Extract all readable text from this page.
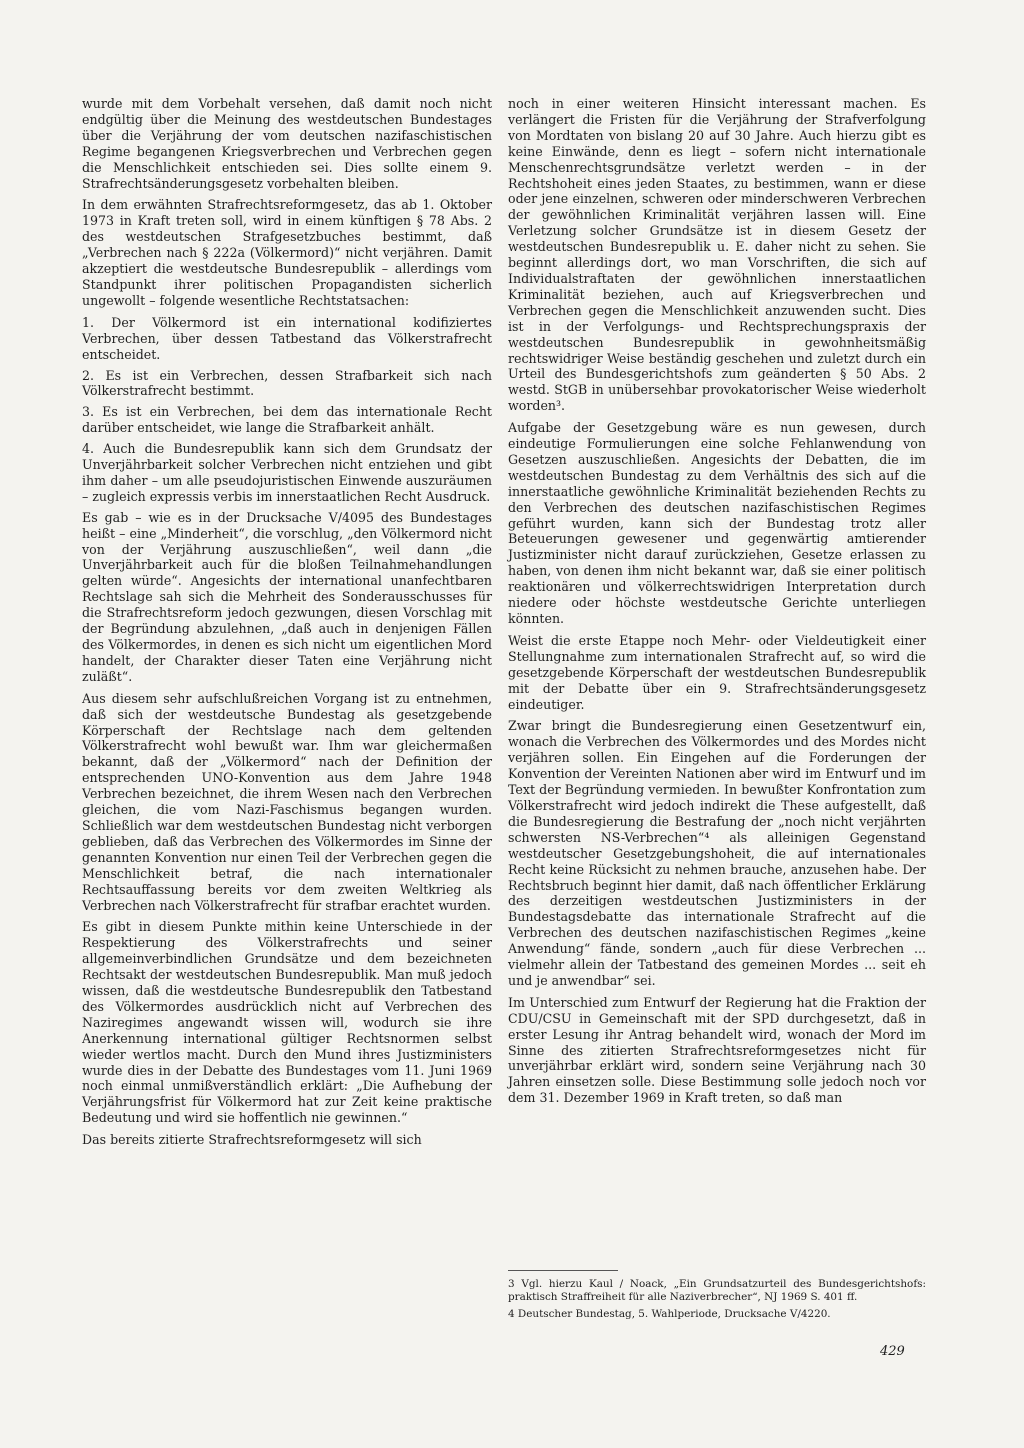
wurde mit dem Vorbehalt versehen, daß damit noch nicht endgültig über die Meinung des westdeutschen Bundestages über die Verjährung der vom deutschen nazifaschistischen Regime begangenen Kriegsverbrechen und Verbrechen gegen die Menschlichkeit entschieden sei. Dies sollte einem 9. Strafrechtsänderungsgesetz vorbehalten bleiben.

In dem erwähnten Strafrechtsreformgesetz, das ab 1. Oktober 1973 in Kraft treten soll, wird in einem künftigen § 78 Abs. 2 des westdeutschen Strafgesetzbuches bestimmt, daß „Verbrechen nach § 222a (Völkermord)“ nicht verjähren. Damit akzeptiert die westdeutsche Bundesrepublik – allerdings vom Standpunkt ihrer politischen Propagandisten sicherlich ungewollt – folgende wesentliche Rechtstatsachen:

1. Der Völkermord ist ein international kodifiziertes Verbrechen, über dessen Tatbestand das Völkerstrafrecht entscheidet.

2. Es ist ein Verbrechen, dessen Strafbarkeit sich nach Völkerstrafrecht bestimmt.

3. Es ist ein Verbrechen, bei dem das internationale Recht darüber entscheidet, wie lange die Strafbarkeit anhält.

4. Auch die Bundesrepublik kann sich dem Grundsatz der Unverjährbarkeit solcher Verbrechen nicht entziehen und gibt ihm daher – um alle pseudojuristischen Einwende auszuräumen – zugleich expressis verbis im innerstaatlichen Recht Ausdruck.

Es gab – wie es in der Drucksache V/4095 des Bundestages heißt – eine „Minderheit“, die vorschlug, „den Völkermord nicht von der Verjährung auszuschließen“, weil dann „die Unverjährbarkeit auch für die bloßen Teilnahmehandlungen gelten würde“. Angesichts der international unanfechtbaren Rechtslage sah sich die Mehrheit des Sonderausschusses für die Strafrechtsreform jedoch gezwungen, diesen Vorschlag mit der Begründung abzulehnen, „daß auch in denjenigen Fällen des Völkermordes, in denen es sich nicht um eigentlichen Mord handelt, der Charakter dieser Taten eine Verjährung nicht zuläßt“.

Aus diesem sehr aufschlußreichen Vorgang ist zu entnehmen, daß sich der westdeutsche Bundestag als gesetzgebende Körperschaft der Rechtslage nach dem geltenden Völkerstrafrecht wohl bewußt war. Ihm war gleichermaßen bekannt, daß der „Völkermord“ nach der Definition der entsprechenden UNO-Konvention aus dem Jahre 1948 Verbrechen bezeichnet, die ihrem Wesen nach den Verbrechen gleichen, die vom Nazi-Faschismus begangen wurden. Schließlich war dem westdeutschen Bundestag nicht verborgen geblieben, daß das Verbrechen des Völkermordes im Sinne der genannten Konvention nur einen Teil der Verbrechen gegen die Menschlichkeit betraf, die nach internationaler Rechtsauffassung bereits vor dem zweiten Weltkrieg als Verbrechen nach Völkerstrafrecht für strafbar erachtet wurden.

Es gibt in diesem Punkte mithin keine Unterschiede in der Respektierung des Völkerstrafrechts und seiner allgemeinverbindlichen Grundsätze und dem bezeichneten Rechtsakt der westdeutschen Bundesrepublik. Man muß jedoch wissen, daß die westdeutsche Bundesrepublik den Tatbestand des Völkermordes ausdrücklich nicht auf Verbrechen des Naziregimes angewandt wissen will, wodurch sie ihre Anerkennung international gültiger Rechtsnormen selbst wieder wertlos macht. Durch den Mund ihres Justizministers wurde dies in der Debatte des Bundestages vom 11. Juni 1969 noch einmal unmißverständlich erklärt: „Die Aufhebung der Verjährungsfrist für Völkermord hat zur Zeit keine praktische Bedeutung und wird sie hoffentlich nie gewinnen.“

Das bereits zitierte Strafrechtsreformgesetz will sich

noch in einer weiteren Hinsicht interessant machen. Es verlängert die Fristen für die Verjährung der Strafverfolgung von Mordtaten von bislang 20 auf 30 Jahre. Auch hierzu gibt es keine Einwände, denn es liegt – sofern nicht internationale Menschenrechtsgrundsätze verletzt werden – in der Rechtshoheit eines jeden Staates, zu bestimmen, wann er diese oder jene einzelnen, schweren oder minderschweren Verbrechen der gewöhnlichen Kriminalität verjähren lassen will. Eine Verletzung solcher Grundsätze ist in diesem Gesetz der westdeutschen Bundesrepublik u. E. daher nicht zu sehen. Sie beginnt allerdings dort, wo man Vorschriften, die sich auf Individualstraftaten der gewöhnlichen innerstaatlichen Kriminalität beziehen, auch auf Kriegsverbrechen und Verbrechen gegen die Menschlichkeit anzuwenden sucht. Dies ist in der Verfolgungs- und Rechtsprechungspraxis der westdeutschen Bundesrepublik in gewohnheitsmäßig rechtswidriger Weise beständig geschehen und zuletzt durch ein Urteil des Bundesgerichtshofs zum geänderten § 50 Abs. 2 westd. StGB in unübersehbar provokatorischer Weise wiederholt worden³.

Aufgabe der Gesetzgebung wäre es nun gewesen, durch eindeutige Formulierungen eine solche Fehlanwendung von Gesetzen auszuschließen. Angesichts der Debatten, die im westdeutschen Bundestag zu dem Verhältnis des sich auf die innerstaatliche gewöhnliche Kriminalität beziehenden Rechts zu den Verbrechen des deutschen nazifaschistischen Regimes geführt wurden, kann sich der Bundestag trotz aller Beteuerungen gewesener und gegenwärtig amtierender Justizminister nicht darauf zurückziehen, Gesetze erlassen zu haben, von denen ihm nicht bekannt war, daß sie einer politisch reaktionären und völkerrechtswidrigen Interpretation durch niedere oder höchste westdeutsche Gerichte unterliegen könnten.

Weist die erste Etappe noch Mehr- oder Vieldeutigkeit einer Stellungnahme zum internationalen Strafrecht auf, so wird die gesetzgebende Körperschaft der westdeutschen Bundesrepublik mit der Debatte über ein 9. Strafrechtsänderungsgesetz eindeutiger.

Zwar bringt die Bundesregierung einen Gesetzentwurf ein, wonach die Verbrechen des Völkermordes und des Mordes nicht verjähren sollen. Ein Eingehen auf die Forderungen der Konvention der Vereinten Nationen aber wird im Entwurf und im Text der Begründung vermieden. In bewußter Konfrontation zum Völkerstrafrecht wird jedoch indirekt die These aufgestellt, daß die Bundesregierung die Bestrafung der „noch nicht verjährten schwersten NS-Verbrechen“⁴ als alleinigen Gegenstand westdeutscher Gesetzgebungshoheit, die auf internationales Recht keine Rücksicht zu nehmen brauche, anzusehen habe. Der Rechtsbruch beginnt hier damit, daß nach öffentlicher Erklärung des derzeitigen westdeutschen Justizministers in der Bundestagsdebatte das internationale Strafrecht auf die Verbrechen des deutschen nazifaschistischen Regimes „keine Anwendung“ fände, sondern „auch für diese Verbrechen ... vielmehr allein der Tatbestand des gemeinen Mordes ... seit eh und je anwendbar“ sei.

Im Unterschied zum Entwurf der Regierung hat die Fraktion der CDU/CSU in Gemeinschaft mit der SPD durchgesetzt, daß in erster Lesung ihr Antrag behandelt wird, wonach der Mord im Sinne des zitierten Strafrechtsreformgesetzes nicht für unverjährbar erklärt wird, sondern seine Verjährung nach 30 Jahren einsetzen solle. Diese Bestimmung solle jedoch noch vor dem 31. Dezember 1969 in Kraft treten, so daß man

3 Vgl. hierzu Kaul / Noack, „Ein Grundsatzurteil des Bundesgerichtshofs: praktisch Straffreiheit für alle Naziverbrecher“, NJ 1969 S. 401 ff.

4 Deutscher Bundestag, 5. Wahlperiode, Drucksache V/4220.

429
